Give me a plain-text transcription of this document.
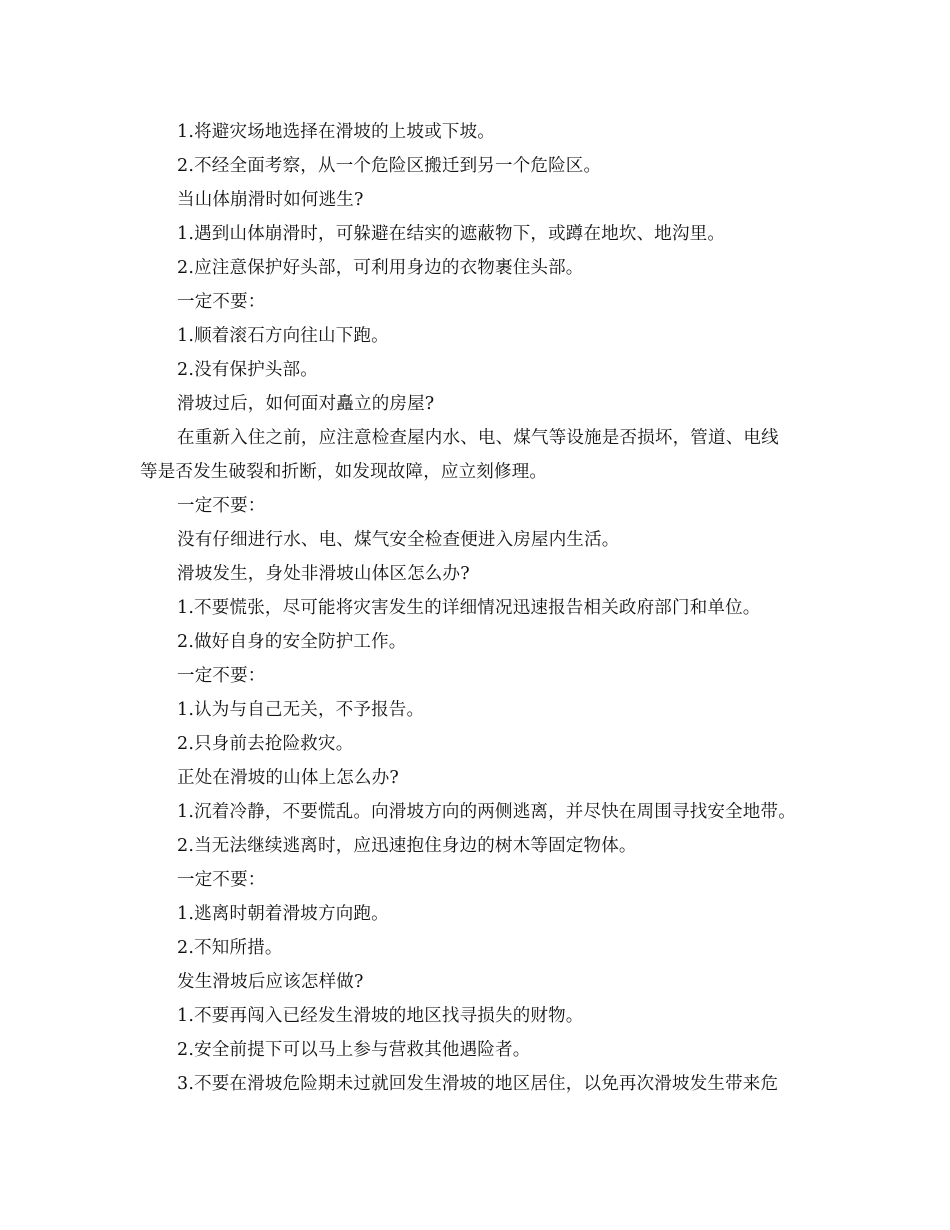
1.将避灾场地选择在滑坡的上坡或下坡。
2.不经全面考察，从一个危险区搬迁到另一个危险区。
当山体崩滑时如何逃生?
1.遇到山体崩滑时，可躲避在结实的遮蔽物下，或蹲在地坎、地沟里。
2.应注意保护好头部，可利用身边的衣物裹住头部。
一定不要：
1.顺着滚石方向往山下跑。
2.没有保护头部。
滑坡过后，如何面对矗立的房屋?
在重新入住之前，应注意检查屋内水、电、煤气等设施是否损坏，管道、电线
等是否发生破裂和折断，如发现故障，应立刻修理。
一定不要：
没有仔细进行水、电、煤气安全检查便进入房屋内生活。
滑坡发生，身处非滑坡山体区怎么办?
1.不要慌张，尽可能将灾害发生的详细情况迅速报告相关政府部门和单位。
2.做好自身的安全防护工作。
一定不要：
1.认为与自己无关，不予报告。
2.只身前去抢险救灾。
正处在滑坡的山体上怎么办?
1.沉着冷静，不要慌乱。向滑坡方向的两侧逃离，并尽快在周围寻找安全地带。
2.当无法继续逃离时，应迅速抱住身边的树木等固定物体。
一定不要：
1.逃离时朝着滑坡方向跑。
2.不知所措。
发生滑坡后应该怎样做?
1.不要再闯入已经发生滑坡的地区找寻损失的财物。
2.安全前提下可以马上参与营救其他遇险者。
3.不要在滑坡危险期未过就回发生滑坡的地区居住，以免再次滑坡发生带来危
